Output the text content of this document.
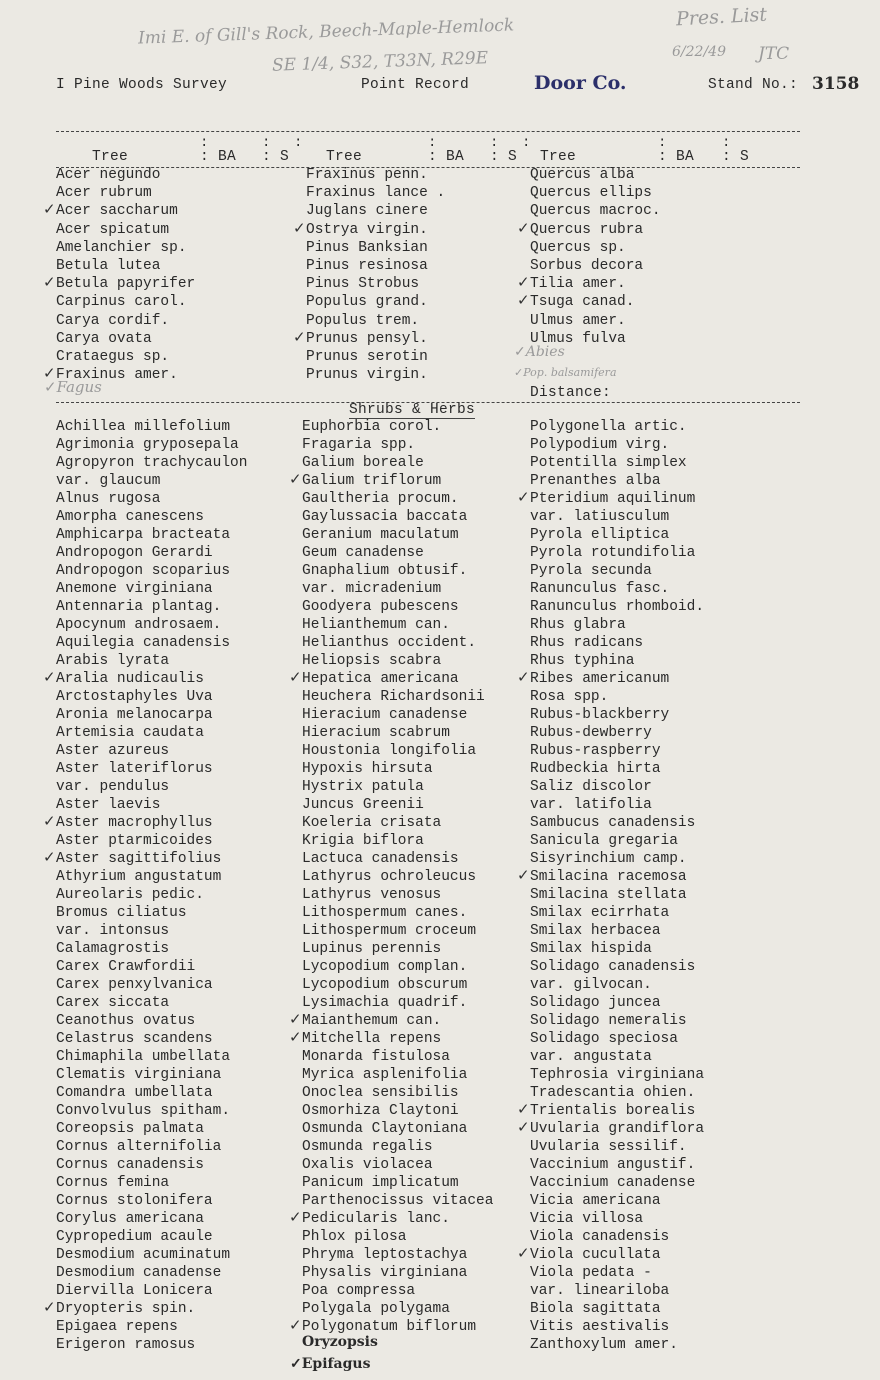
Imi E. of Gill's Rock, Beech-Maple-Hemlock
SE 1/4, S32, T33N, R29E
Pres. List
6/22/49 JTC
I Pine Woods Survey	Point Record	Door Co.	Stand No.: 3158
:	: :	:	: :	:	:
Tree	: BA : S	Tree	: BA : S Tree	: BA : S
Acer negundo
Acer rubrum
✓ Acer saccharum
Acer spicatum
Amelanchier sp.
Betula lutea
✓ Betula papyrifer
Carpinus carol.
Carya cordif.
Carya ovata
Crataegus sp.
✓ Fraxinus amer.
Fraxinus penn.
Fraxinus lance .
Juglans cinere
✓ Ostrya virgin.
Pinus Banksian
Pinus resinosa
Pinus Strobus
Populus grand.
Populus trem.
✓ Prunus pensyl.
Prunus serotin
Prunus virgin.
Quercus alba
Quercus ellips
Quercus macroc.
✓ Quercus rubra
Quercus sp.
Sorbus decora
✓ Tilia amer.
✓ Tsuga canad.
Ulmus amer.
Ulmus fulva
✓Fagus
✓Abies
✓Pop. balsamifera
Distance:
Shrubs & Herbs
Achillea millefolium
Agrimonia gryposepala
Agropyron trachycaulon
var. glaucum
Alnus rugosa
Amorpha canescens
Amphicarpa bracteata
Andropogon Gerardi
Andropogon scoparius
Anemone virginiana
Antennaria plantag.
Apocynum androsaem.
Aquilegia canadensis
Arabis lyrata
✓ Aralia nudicaulis
Arctostaphyles Uva
Aronia melanocarpa
Artemisia caudata
Aster azureus
Aster lateriflorus
var. pendulus
Aster laevis
✓ Aster macrophyllus
Aster ptarmicoides
✓ Aster sagittifolius
Athyrium angustatum
Aureolaris pedic.
Bromus ciliatus
var. intonsus
Calamagrostis
Carex Crawfordii
Carex penxylvanica
Carex siccata
Ceanothus ovatus
Celastrus scandens
Chimaphila umbellata
Clematis virginiana
Comandra umbellata
Convolvulus spitham.
Coreopsis palmata
Cornus alternifolia
Cornus canadensis
Cornus femina
Cornus stolonifera
Corylus americana
Cypropedium acaule
Desmodium acuminatum
Desmodium canadense
Diervilla Lonicera
✓ Dryopteris spin.
Epigaea repens
Erigeron ramosus
Euphorbia corol.
Fragaria spp.
Galium boreale
✓ Galium triflorum
Gaultheria procum.
Gaylussacia baccata
Geranium maculatum
Geum canadense
Gnaphalium obtusif.
var. micradenium
Goodyera pubescens
Helianthemum can.
Helianthus occident.
Heliopsis scabra
✓ Hepatica americana
Heuchera Richardsonii
Hieracium canadense
Hieracium scabrum
Houstonia longifolia
Hypoxis hirsuta
Hystrix patula
Juncus Greenii
Koeleria crisata
Krigia biflora
Lactuca canadensis
Lathyrus ochroleucus
Lathyrus venosus
Lithospermum canes.
Lithospermum croceum
Lupinus perennis
Lycopodium complan.
Lycopodium obscurum
Lysimachia quadrif.
✓ Maianthemum can.
✓ Mitchella repens
Monarda fistulosa
Myrica asplenifolia
Onoclea sensibilis
Osmorhiza Claytoni
Osmunda Claytoniana
Osmunda regalis
Oxalis violacea
Panicum implicatum
Parthenocissus vitacea
✓ Pedicularis lanc.
Phlox pilosa
Phryma leptostachya
Physalis virginiana
Poa compressa
Polygala polygama
✓ Polygonatum biflorum
Polygonella artic.
Polypodium virg.
Potentilla simplex
Prenanthes alba
✓ Pteridium aquilinum
var. latiusculum
Pyrola elliptica
Pyrola rotundifolia
Pyrola secunda
Ranunculus fasc.
Ranunculus rhomboid.
Rhus glabra
Rhus radicans
Rhus typhina
✓ Ribes americanum
Rosa spp.
Rubus-blackberry
Rubus-dewberry
Rubus-raspberry
Rudbeckia hirta
Saliz discolor
var. latifolia
Sambucus canadensis
Sanicula gregaria
Sisyrinchium camp.
✓ Smilacina racemosa
Smilacina stellata
Smilax ecirrhata
Smilax herbacea
Smilax hispida
Solidago canadensis
var. gilvocan.
Solidago juncea
Solidago nemeralis
Solidago speciosa
var. angustata
Tephrosia virginiana
Tradescantia ohien.
✓ Trientalis borealis
✓ Uvularia grandiflora
Uvularia sessilif.
Vaccinium angustif.
Vaccinium canadense
Vicia americana
Vicia villosa
Viola canadensis
✓ Viola cucullata
Viola pedata -
var. lineariloba
Biola sagittata
Vitis aestivalis
Zanthoxylum amer.
Oryzopsis
✓Epifagus
